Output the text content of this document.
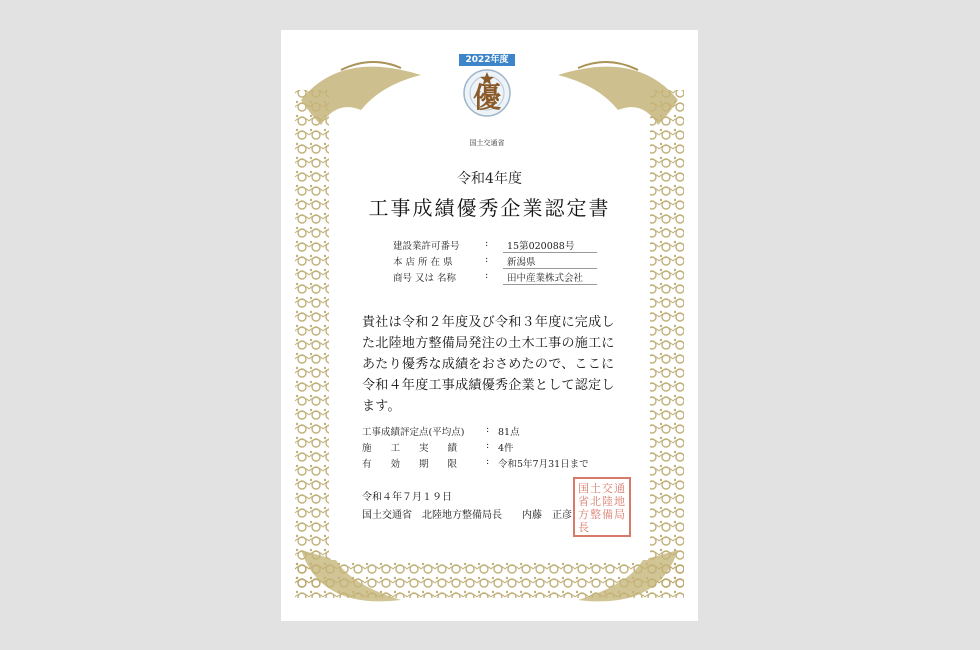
2022年度
優
国土交通省
令和4年度
工事成績優秀企業認定書
建設業許可番号	:	15第020088号
本 店 所 在 県	:	新潟県
商号 又は 名称	:	田中産業株式会社
貴社は令和２年度及び令和３年度に完成した北陸地方整備局発注の土木工事の施工にあたり優秀な成績をおさめたので、ここに令和４年度工事成績優秀企業として認定します。
工事成績評定点(平均点)	: 81点
施　　工　　実　　績	: 4件
有　　効　　期　　限	: 令和5年7月31日まで
令和４年７月１９日
国土交通省　北陸地方整備局長　　内藤　正彦
国土交通省北陸地方整備局長
